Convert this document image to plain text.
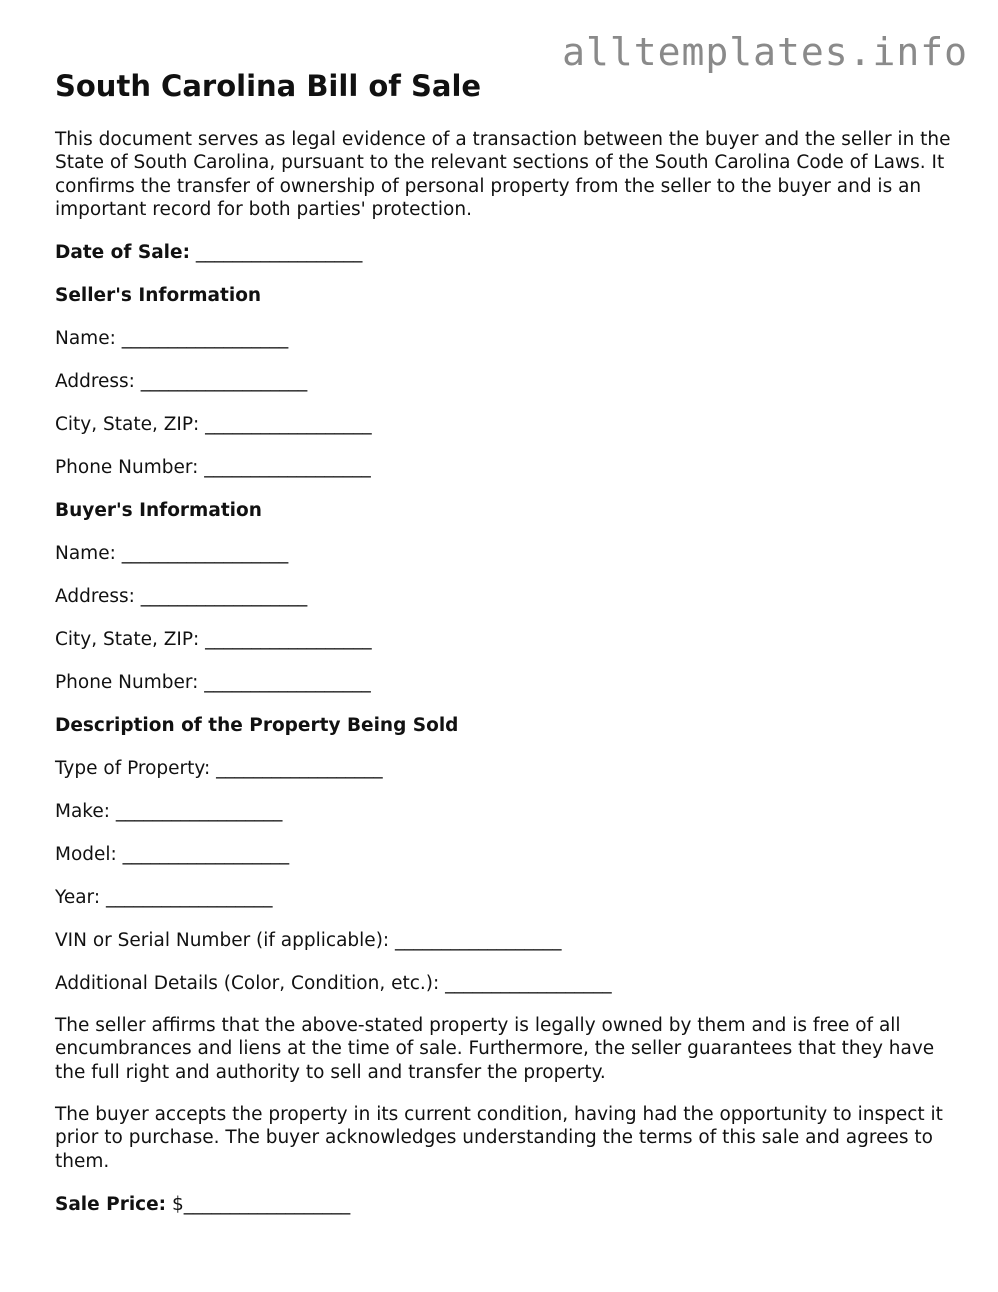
alltemplates.info
South Carolina Bill of Sale

This document serves as legal evidence of a transaction between the buyer and the seller in the State of South Carolina, pursuant to the relevant sections of the South Carolina Code of Laws. It confirms the transfer of ownership of personal property from the seller to the buyer and is an important record for both parties' protection.

Date of Sale: __________________
Seller's Information
Name: __________________
Address: __________________
City, State, ZIP: __________________
Phone Number: __________________
Buyer's Information
Name: __________________
Address: __________________
City, State, ZIP: __________________
Phone Number: __________________
Description of the Property Being Sold
Type of Property: __________________
Make: __________________
Model: __________________
Year: __________________
VIN or Serial Number (if applicable): __________________
Additional Details (Color, Condition, etc.): __________________

The seller affirms that the above-stated property is legally owned by them and is free of all encumbrances and liens at the time of sale. Furthermore, the seller guarantees that they have the full right and authority to sell and transfer the property.

The buyer accepts the property in its current condition, having had the opportunity to inspect it prior to purchase. The buyer acknowledges understanding the terms of this sale and agrees to them.

Sale Price: $__________________
